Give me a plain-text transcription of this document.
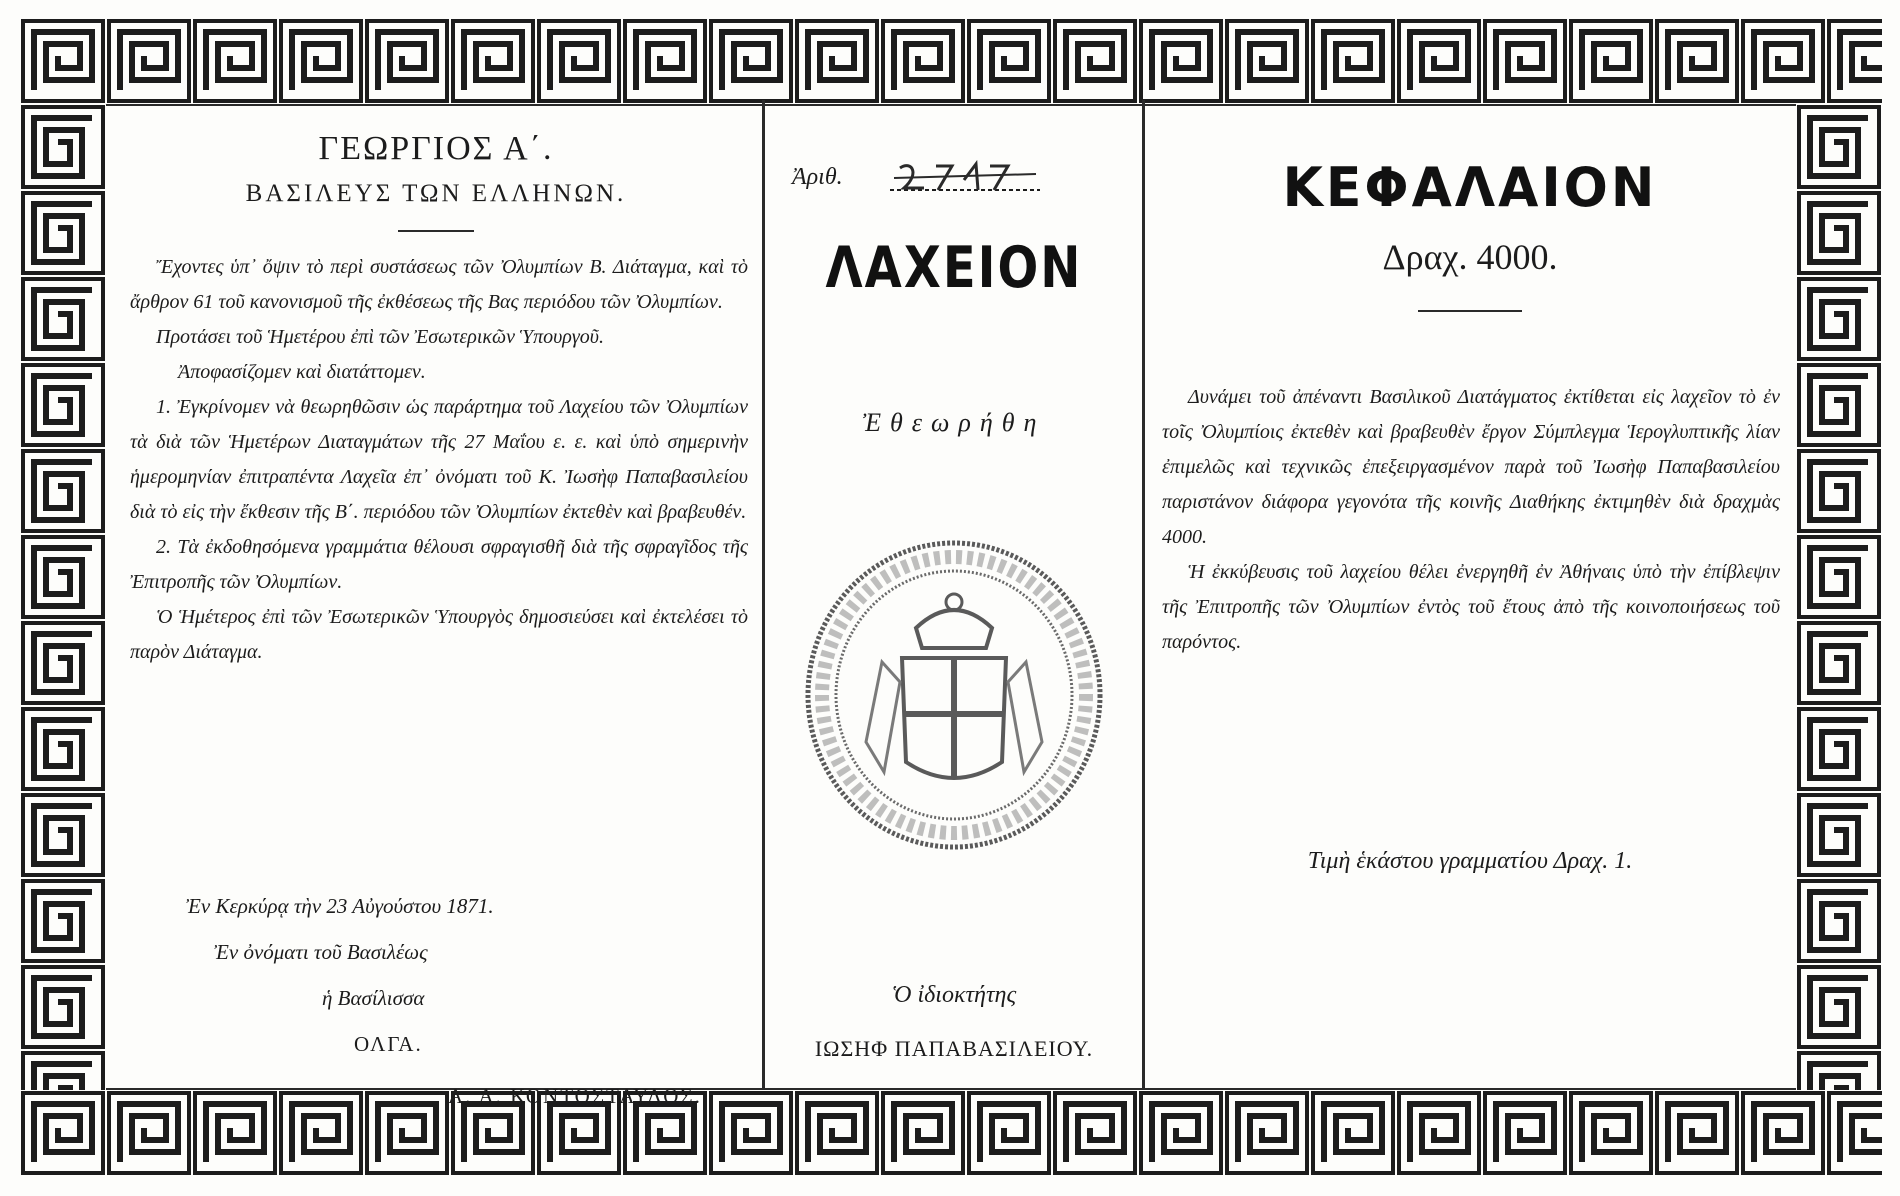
ΓΕΩΡΓΙΟΣ Α΄.
ΒΑΣΙΛΕΥΣ ΤΩΝ ΕΛΛΗΝΩΝ.

Ἔχοντες ὑπ᾽ ὄψιν τὸ περὶ συστάσεως τῶν Ὀλυμπίων Β. Διάταγμα, καὶ τὸ ἄρθρον 61 τοῦ κανονισμοῦ τῆς ἐκθέσεως τῆς Βας περιόδου τῶν Ὀλυμπίων.

Προτάσει τοῦ Ἡμετέρου ἐπὶ τῶν Ἐσωτερικῶν Ὑπουργοῦ.

Ἀποφασίζομεν καὶ διατάττομεν.

1. Ἐγκρίνομεν νὰ θεωρηθῶσιν ὡς παράρτημα τοῦ Λαχείου τῶν Ὀλυμπίων τὰ διὰ τῶν Ἡμετέρων Διαταγμάτων τῆς 27 Μαΐου ε. ε. καὶ ὑπὸ σημερινὴν ἡμερομηνίαν ἐπιτραπέντα Λαχεῖα ἐπ᾽ ὀνόματι τοῦ Κ. Ἰωσὴφ Παπαβασιλείου διὰ τὸ εἰς τὴν ἔκθεσιν τῆς Β΄. περιόδου τῶν Ὀλυμπίων ἐκτεθὲν καὶ βραβευθέν.

2. Τὰ ἐκδοθησόμενα γραμμάτια θέλουσι σφραγισθῆ διὰ τῆς σφραγῖδος τῆς Ἐπιτροπῆς τῶν Ὀλυμπίων.

Ὁ Ἡμέτερος ἐπὶ τῶν Ἐσωτερικῶν Ὑπουργὸς δημοσιεύσει καὶ ἐκτελέσει τὸ παρὸν Διάταγμα.

Ἐν Κερκύρᾳ τὴν 23 Αὐγούστου 1871.
Ἐν ὀνόματι τοῦ Βασιλέως
ἡ Βασίλισσα
ΟΛΓΑ.
Α. Α. ΚΟΝΤΟΣΤΑΥΛΟΣ.
Ἀριθ.
ΛΑΧΕΙΟΝ
Ἐθεωρήθη
Ὁ ἰδιοκτήτης
ΙΩΣΗΦ ΠΑΠΑΒΑΣΙΛΕΙΟΥ.
ΚΕΦΑΛΑΙΟΝ
Δραχ. 4000.

Δυνάμει τοῦ ἀπέναντι Βασιλικοῦ Διατάγματος ἐκτίθεται εἰς λαχεῖον τὸ ἐν τοῖς Ὀλυμπίοις ἐκτεθὲν καὶ βραβευθὲν ἔργον Σύμπλεγμα Ἱερογλυπτικῆς λίαν ἐπιμελῶς καὶ τεχνικῶς ἐπεξειργασμένον παρὰ τοῦ Ἰωσὴφ Παπαβασιλείου παριστάνον διάφορα γεγονότα τῆς κοινῆς Διαθήκης ἐκτιμηθὲν διὰ δραχμὰς 4000.

Ἡ ἐκκύβευσις τοῦ λαχείου θέλει ἐνεργηθῆ ἐν Ἀθήναις ὑπὸ τὴν ἐπίβλεψιν τῆς Ἐπιτροπῆς τῶν Ὀλυμπίων ἐντὸς τοῦ ἔτους ἀπὸ τῆς κοινοποιήσεως τοῦ παρόντος.

Τιμὴ ἑκάστου γραμματίου Δραχ. 1.
